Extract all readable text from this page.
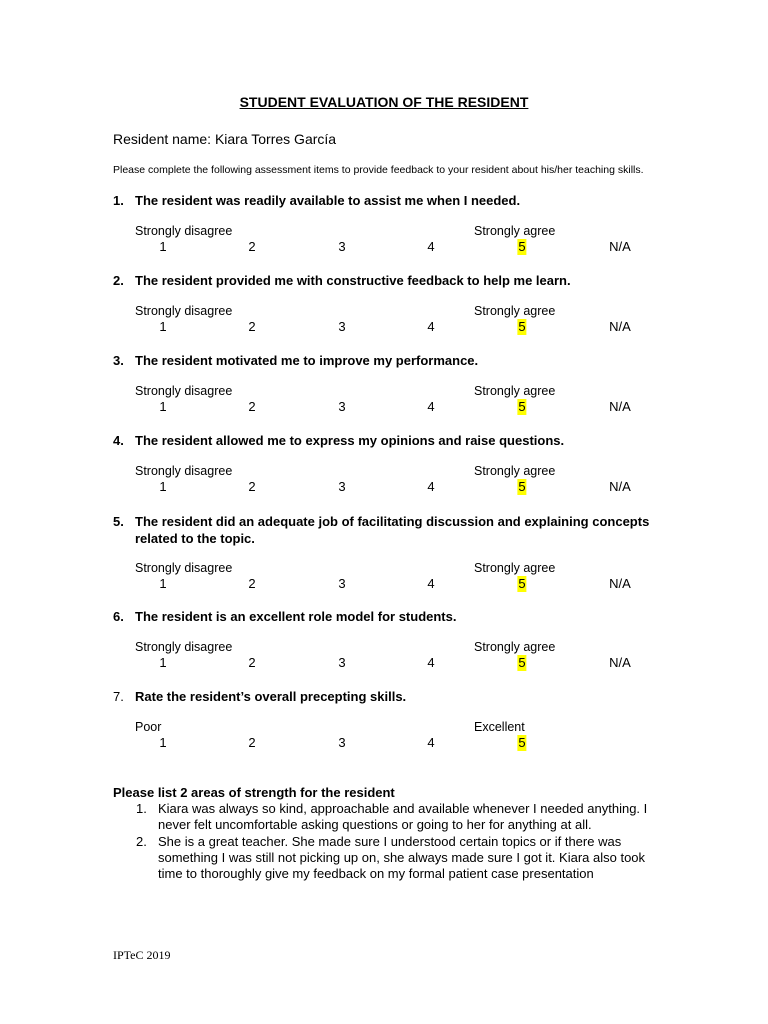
STUDENT EVALUATION OF THE RESIDENT
Resident name: Kiara Torres García
Please complete the following assessment items to provide feedback to your resident about his/her teaching skills.
1. The resident was readily available to assist me when I needed.
Strongly disagree	Strongly agree
1	2	3	4	5	N/A
2. The resident provided me with constructive feedback to help me learn.
Strongly disagree	Strongly agree
1	2	3	4	5	N/A
3. The resident motivated me to improve my performance.
Strongly disagree	Strongly agree
1	2	3	4	5	N/A
4. The resident allowed me to express my opinions and raise questions.
Strongly disagree	Strongly agree
1	2	3	4	5	N/A
5. The resident did an adequate job of facilitating discussion and explaining concepts related to the topic.
Strongly disagree	Strongly agree
1	2	3	4	5	N/A
6. The resident is an excellent role model for students.
Strongly disagree	Strongly agree
1	2	3	4	5	N/A
7. Rate the resident’s overall precepting skills.
Poor	Excellent
1	2	3	4	5
Please list 2 areas of strength for the resident
1. Kiara was always so kind, approachable and available whenever I needed anything. I never felt uncomfortable asking questions or going to her for anything at all.
2. She is a great teacher. She made sure I understood certain topics or if there was something I was still not picking up on, she always made sure I got it. Kiara also took time to thoroughly give my feedback on my formal patient case presentation
IPTeC 2019
